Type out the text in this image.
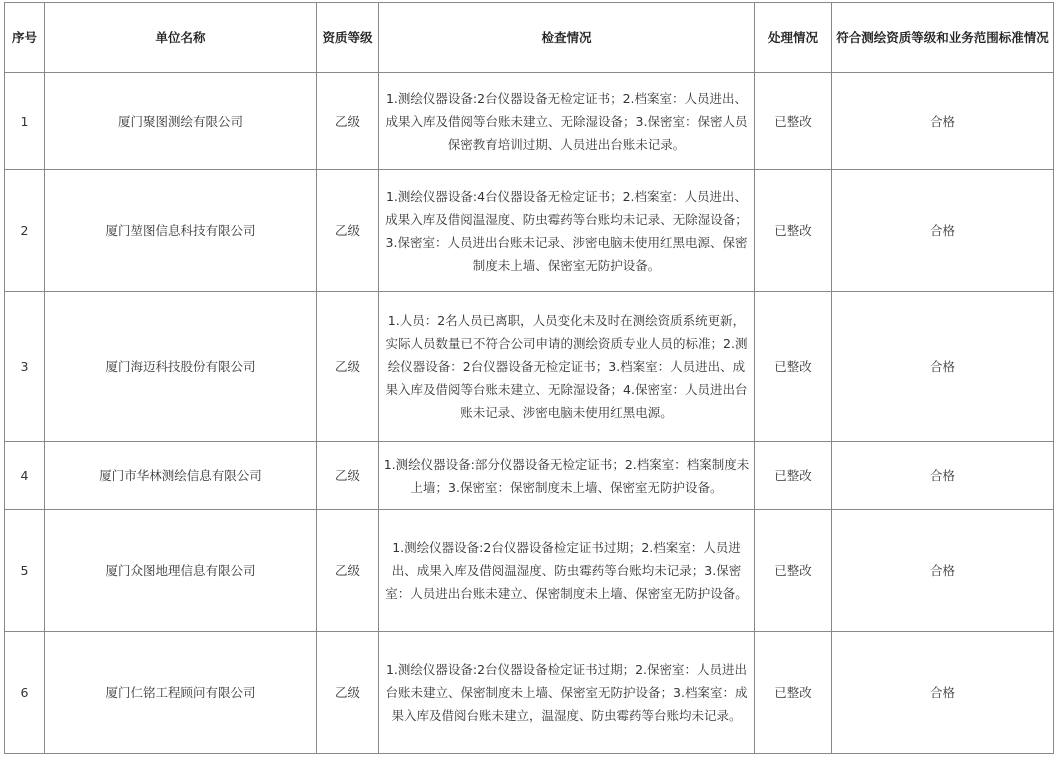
序号	单位名称	资质等级	检查情况	处理情况	符合测绘资质等级和业务范围标准情况
1	厦门聚图测绘有限公司	乙级	1.测绘仪器设备:2台仪器设备无检定证书；2.档案室：人员进出、成果入库及借阅等台账未建立、无除湿设备；3.保密室：保密人员保密教育培训过期、人员进出台账未记录。	已整改	合格
2	厦门堃图信息科技有限公司	乙级	1.测绘仪器设备:4台仪器设备无检定证书；2.档案室：人员进出、成果入库及借阅温湿度、防虫霉药等台账均未记录、无除湿设备；3.保密室：人员进出台账未记录、涉密电脑未使用红黑电源、保密制度未上墙、保密室无防护设备。	已整改	合格
3	厦门海迈科技股份有限公司	乙级	1.人员：2名人员已离职，人员变化未及时在测绘资质系统更新，实际人员数量已不符合公司申请的测绘资质专业人员的标准；2.测绘仪器设备：2台仪器设备无检定证书；3.档案室：人员进出、成果入库及借阅等台账未建立、无除湿设备；4.保密室：人员进出台账未记录、涉密电脑未使用红黑电源。	已整改	合格
4	厦门市华林测绘信息有限公司	乙级	1.测绘仪器设备:部分仪器设备无检定证书；2.档案室：档案制度未上墙；3.保密室：保密制度未上墙、保密室无防护设备。	已整改	合格
5	厦门众图地理信息有限公司	乙级	1.测绘仪器设备:2台仪器设备检定证书过期；2.档案室：人员进出、成果入库及借阅温湿度、防虫霉药等台账均未记录；3.保密室：人员进出台账未建立、保密制度未上墙、保密室无防护设备。	已整改	合格
6	厦门仁铭工程顾问有限公司	乙级	1.测绘仪器设备:2台仪器设备检定证书过期；2.保密室：人员进出台账未建立、保密制度未上墙、保密室无防护设备；3.档案室：成果入库及借阅台账未建立，温湿度、防虫霉药等台账均未记录。	已整改	合格
